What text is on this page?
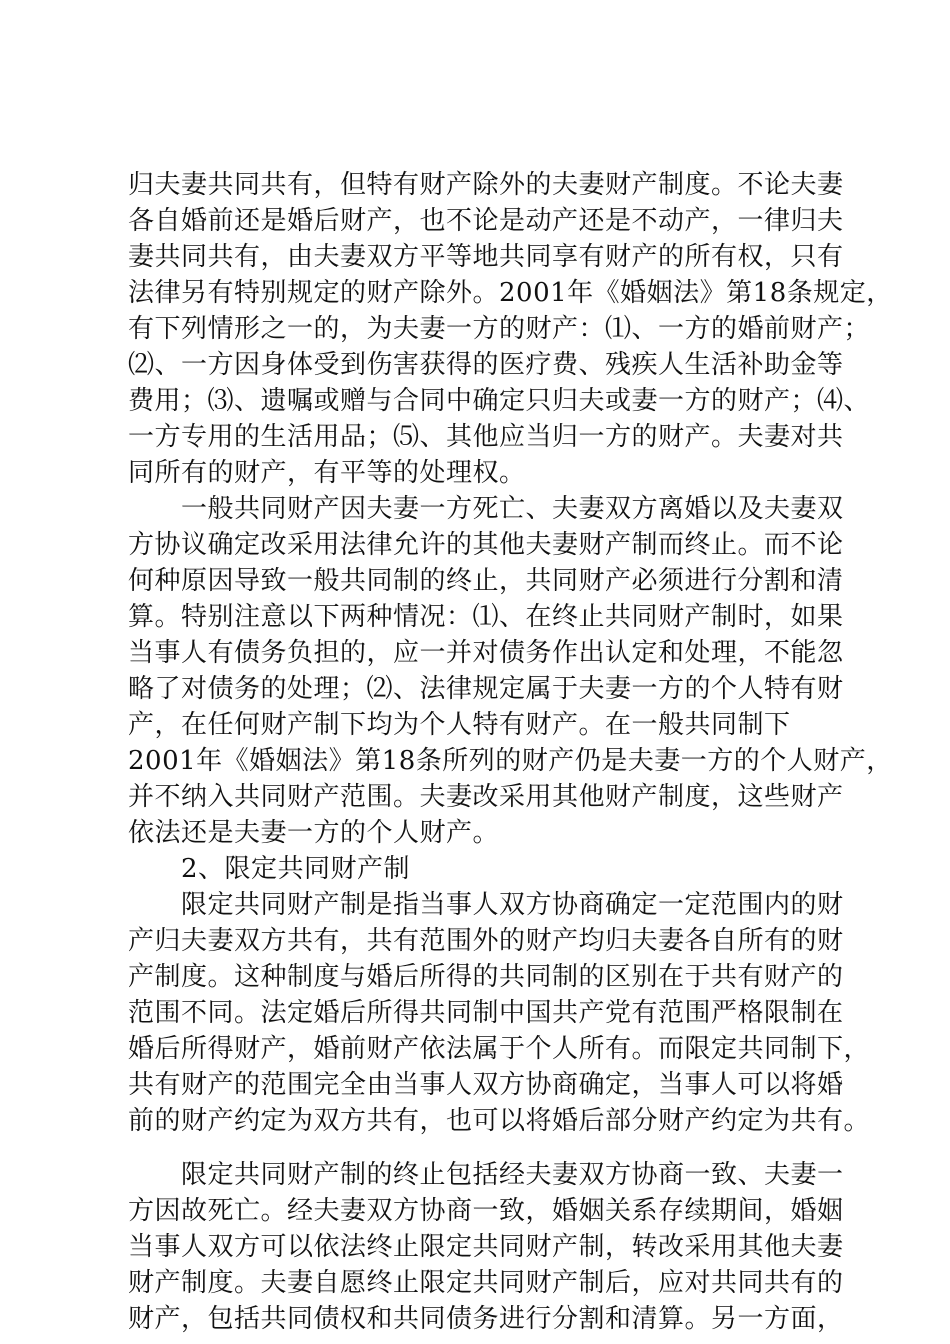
归夫妻共同共有，但特有财产除外的夫妻财产制度。不论夫妻
各自婚前还是婚后财产，也不论是动产还是不动产，一律归夫
妻共同共有，由夫妻双方平等地共同享有财产的所有权，只有
法律另有特别规定的财产除外。2001年《婚姻法》第18条规定，
有下列情形之一的，为夫妻一方的财产：⑴、一方的婚前财产；
⑵、一方因身体受到伤害获得的医疗费、残疾人生活补助金等
费用；⑶、遗嘱或赠与合同中确定只归夫或妻一方的财产；⑷、
一方专用的生活用品；⑸、其他应当归一方的财产。夫妻对共
同所有的财产，有平等的处理权。
　　一般共同财产因夫妻一方死亡、夫妻双方离婚以及夫妻双
方协议确定改采用法律允许的其他夫妻财产制而终止。而不论
何种原因导致一般共同制的终止，共同财产必须进行分割和清
算。特别注意以下两种情况：⑴、在终止共同财产制时，如果
当事人有债务负担的，应一并对债务作出认定和处理，不能忽
略了对债务的处理；⑵、法律规定属于夫妻一方的个人特有财
产，在任何财产制下均为个人特有财产。在一般共同制下
2001年《婚姻法》第18条所列的财产仍是夫妻一方的个人财产，
并不纳入共同财产范围。夫妻改采用其他财产制度，这些财产
依法还是夫妻一方的个人财产。
　　2、限定共同财产制
　　限定共同财产制是指当事人双方协商确定一定范围内的财
产归夫妻双方共有，共有范围外的财产均归夫妻各自所有的财
产制度。这种制度与婚后所得的共同制的区别在于共有财产的
范围不同。法定婚后所得共同制中国共产党有范围严格限制在
婚后所得财产，婚前财产依法属于个人所有。而限定共同制下，
共有财产的范围完全由当事人双方协商确定，当事人可以将婚
前的财产约定为双方共有，也可以将婚后部分财产约定为共有。
　　限定共同财产制的终止包括经夫妻双方协商一致、夫妻一
方因故死亡。经夫妻双方协商一致，婚姻关系存续期间，婚姻
当事人双方可以依法终止限定共同财产制，转改采用其他夫妻
财产制度。夫妻自愿终止限定共同财产制后，应对共同共有的
财产，包括共同债权和共同债务进行分割和清算。另一方面，
